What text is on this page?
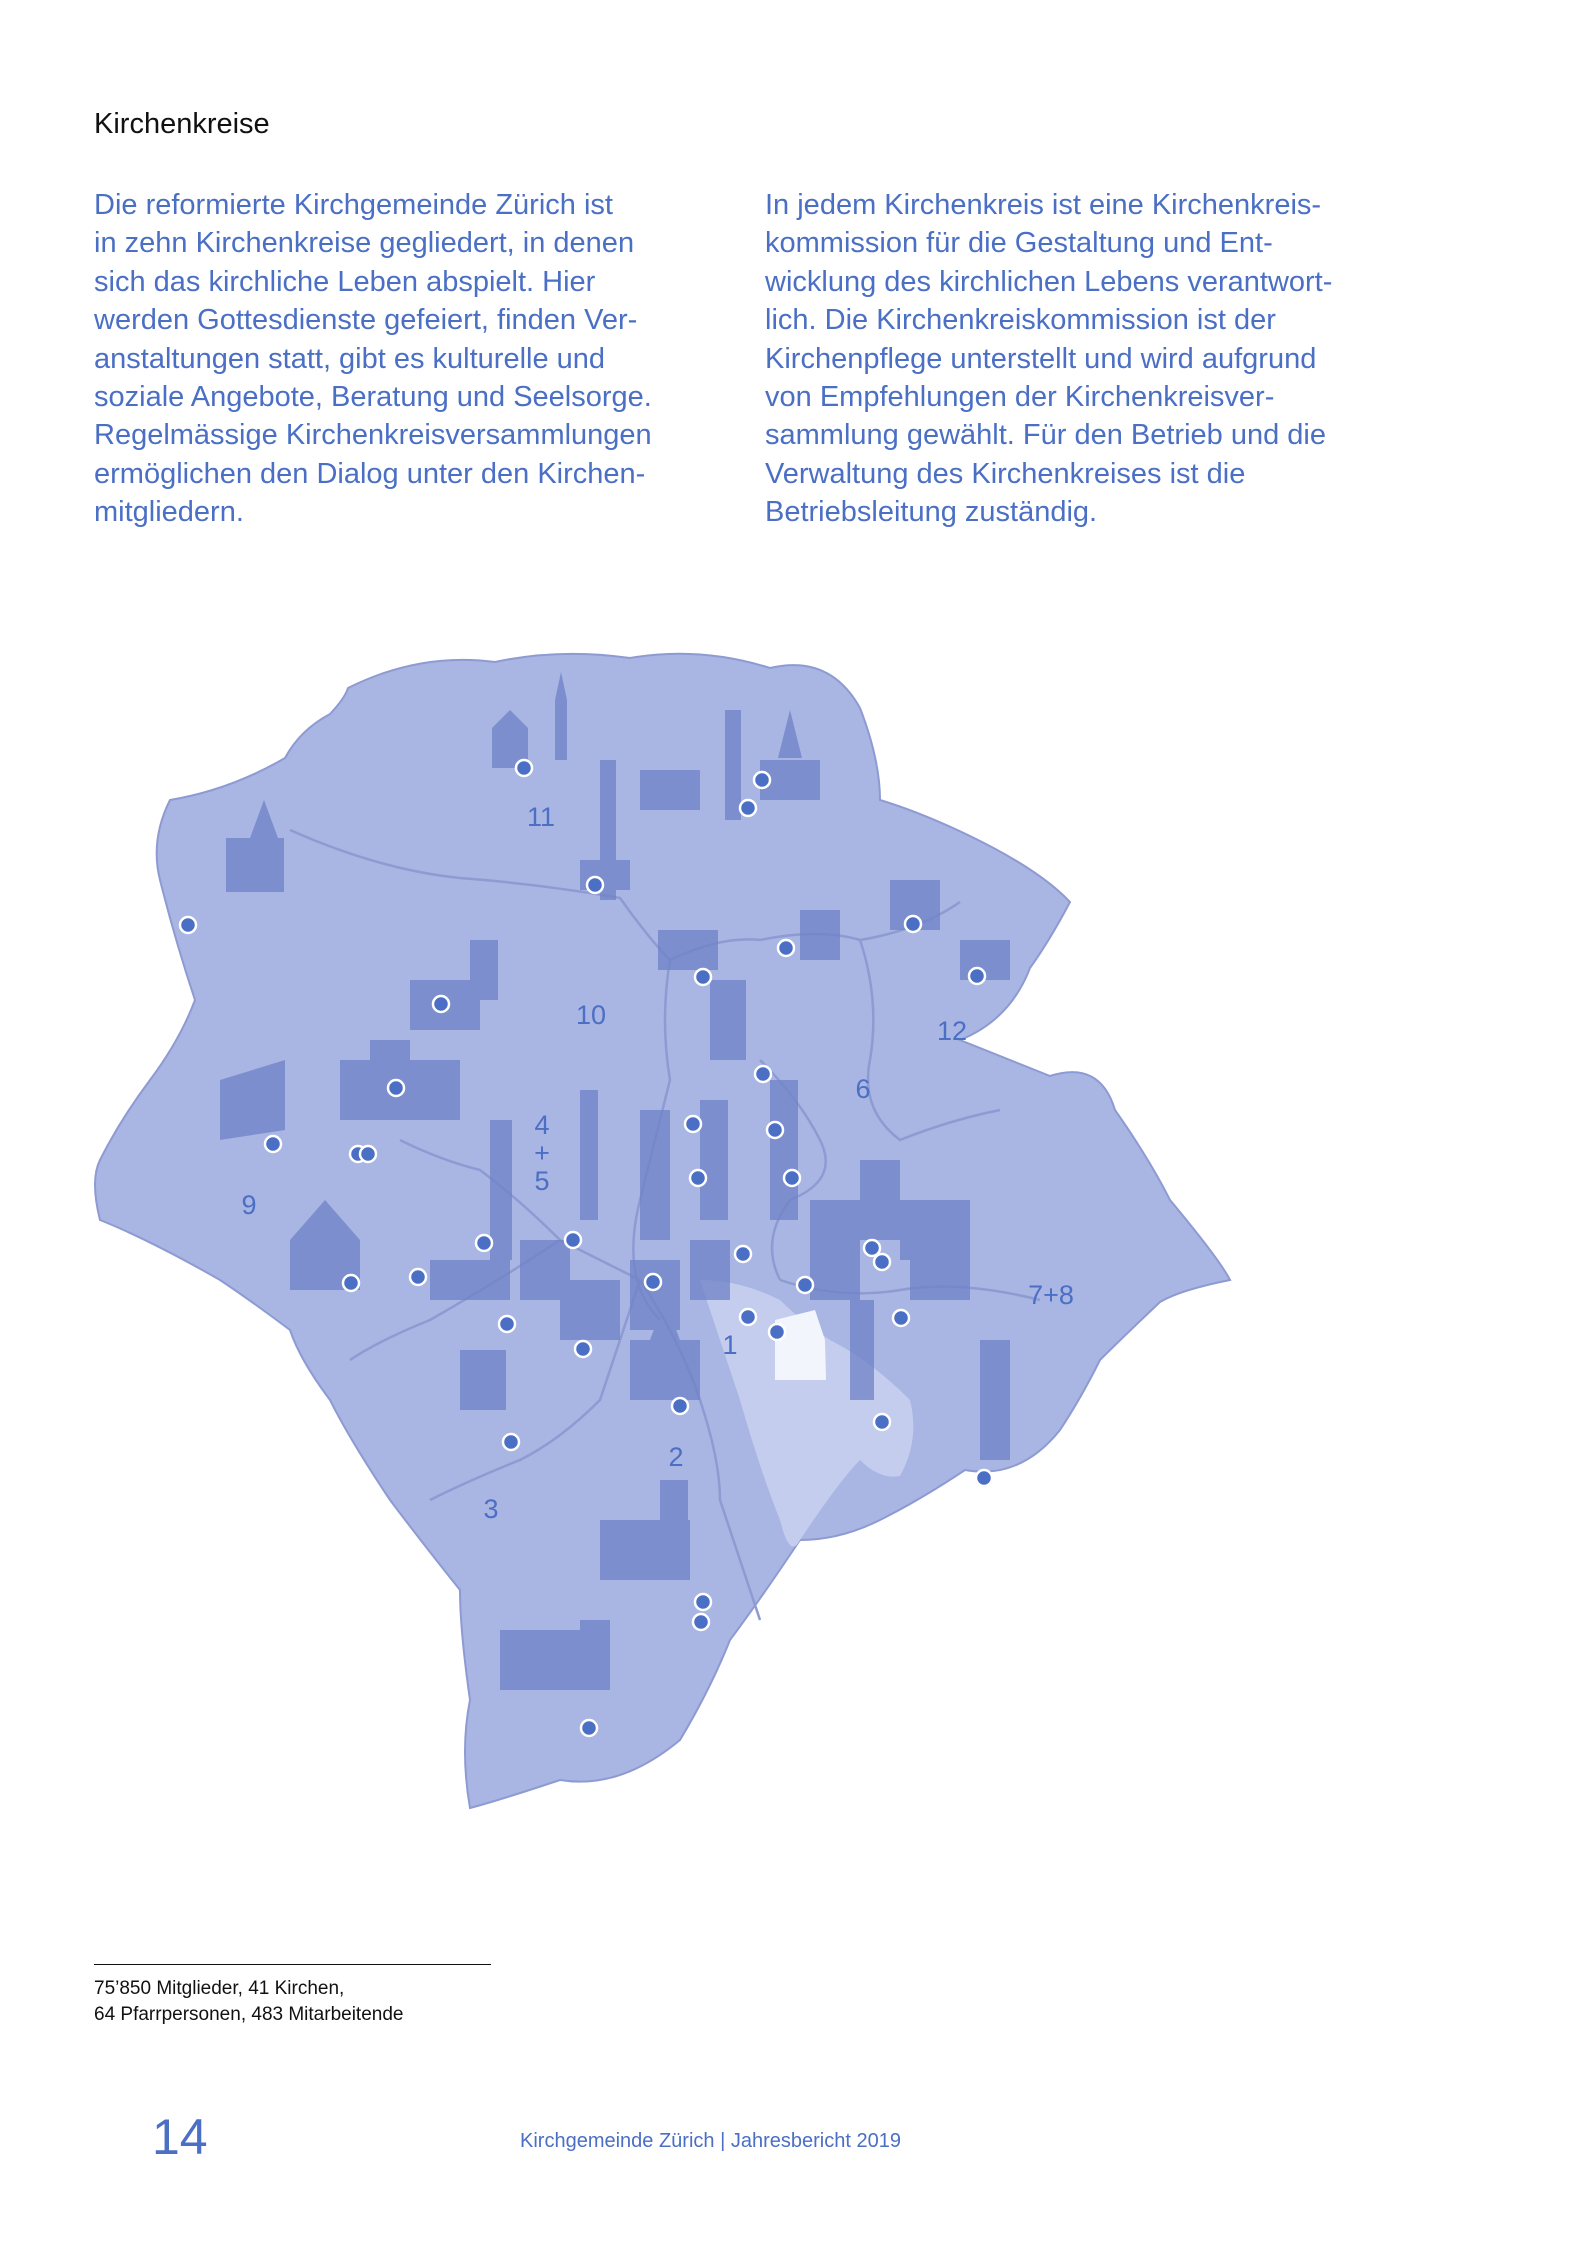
Kirchenkreise

Die reformierte Kirchgemeinde Zürich ist
in zehn Kirchenkreise gegliedert, in denen
sich das kirchliche Leben abspielt. Hier
werden Gottesdienste gefeiert, finden Ver-
anstaltungen statt, gibt es kulturelle und
soziale Angebote, Beratung und Seelsorge.
Regelmässige Kirchenkreisversammlungen
ermöglichen den Dialog unter den Kirchen-
mitgliedern.

In jedem Kirchenkreis ist eine Kirchenkreis-
kommission für die Gestaltung und Ent-
wicklung des kirchlichen Lebens verantwort-
lich. Die Kirchenkreiskommission ist der
Kirchenpflege unterstellt und wird aufgrund
von Empfehlungen der Kirchenkreisver-
sammlung gewählt. Für den Betrieb und die
Verwaltung des Kirchenkreises ist die
Betriebsleitung zuständig.

11
10
12
6
4
+
5
9
7+8
1
2
3
75’850 Mitglieder, 41 Kirchen,
64 Pfarrpersonen, 483 Mitarbeitende
14	Kirchgemeinde Zürich | Jahresbericht 2019
